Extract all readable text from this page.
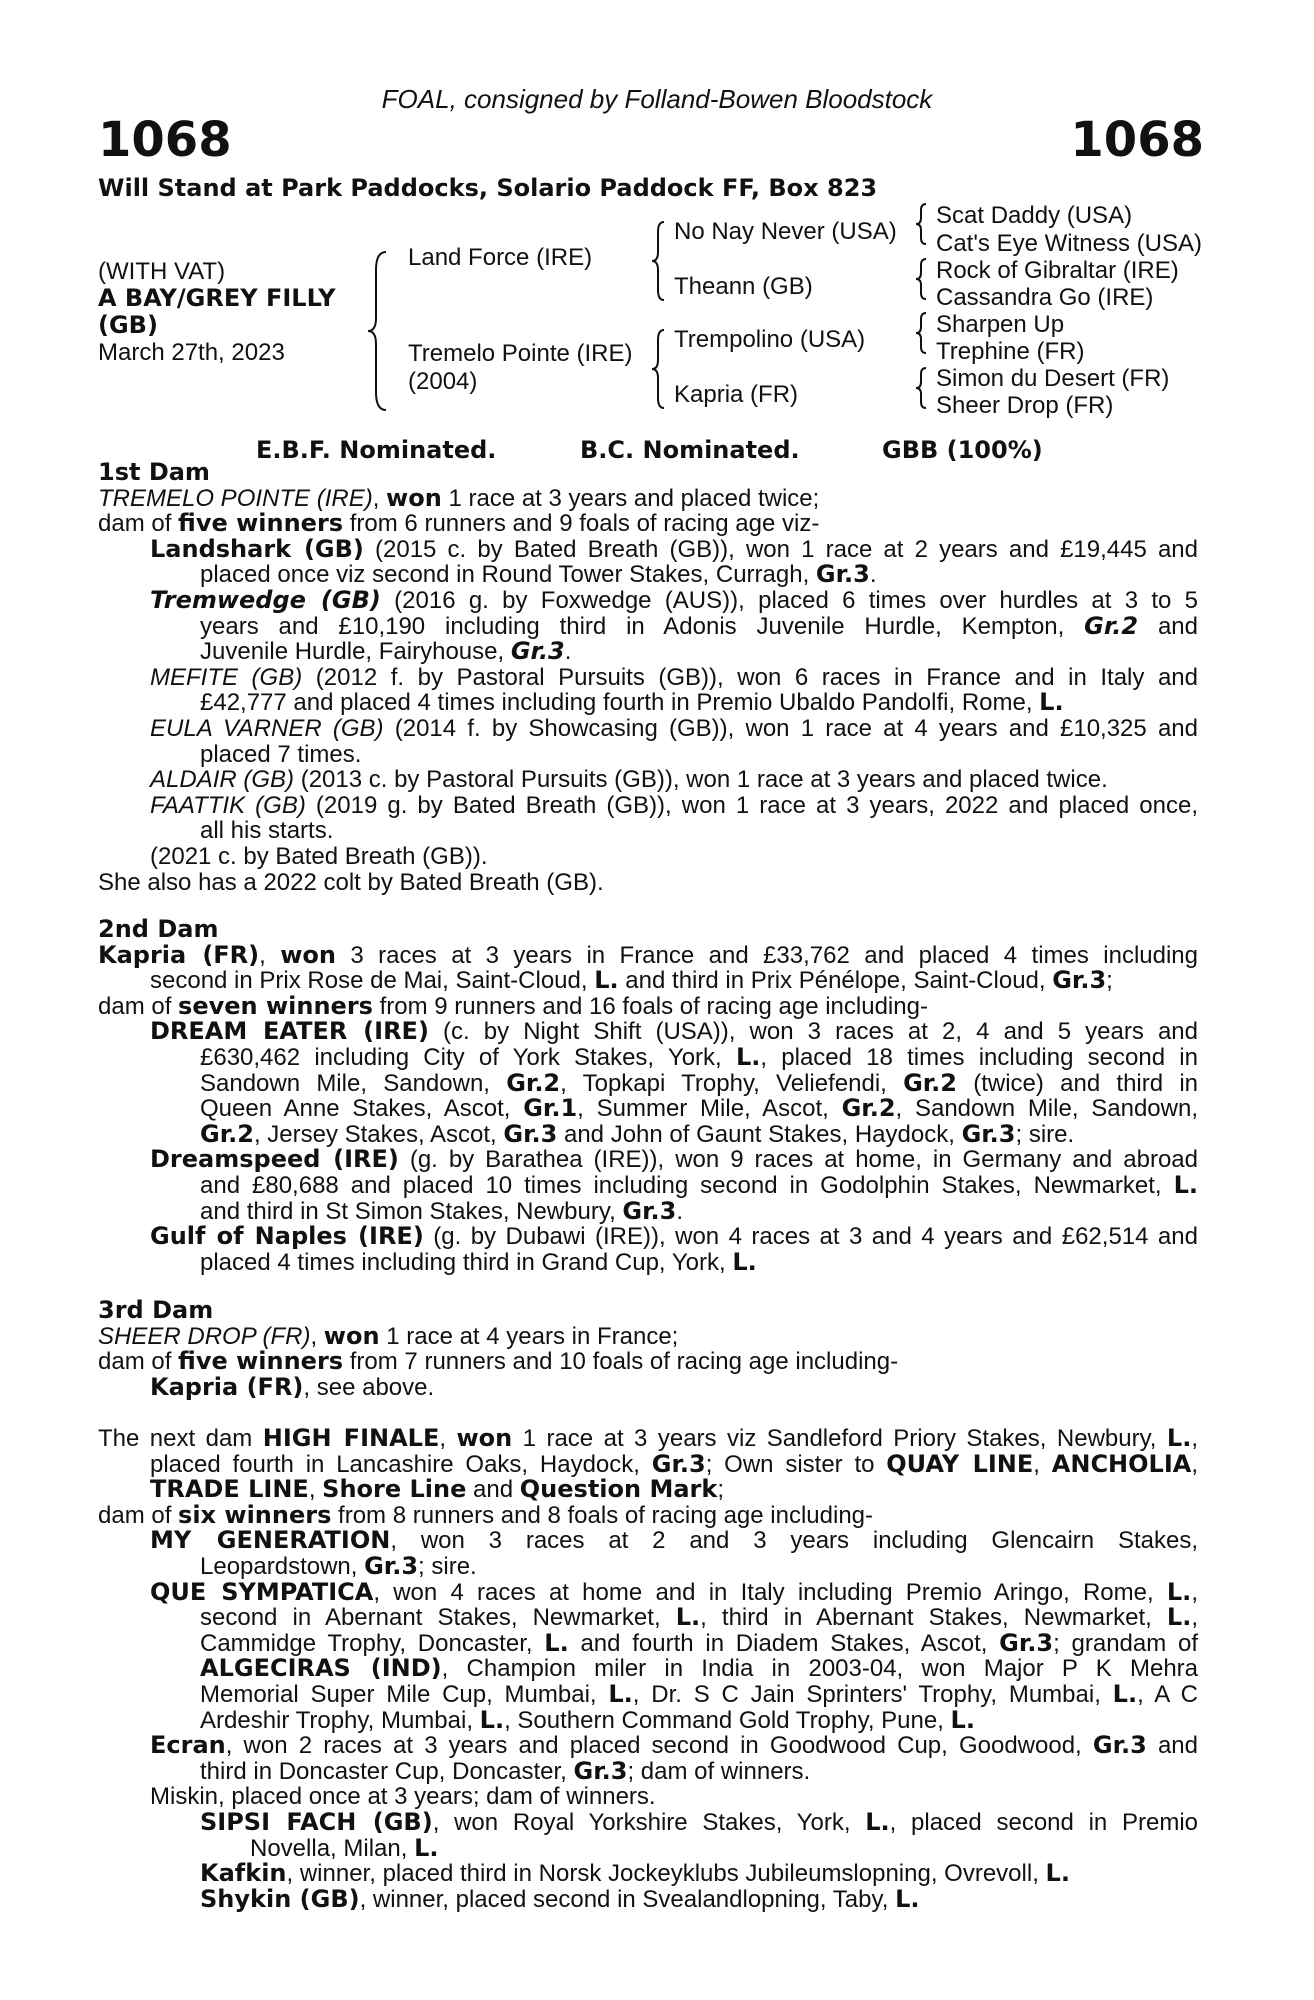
FOAL, consigned by Folland-Bowen Bloodstock
1068	1068
Will Stand at Park Paddocks, Solario Paddock FF, Box 823
(WITH VAT)
A BAY/GREY FILLY
(GB)
March 27th, 2023
Land Force (IRE)
Tremelo Pointe (IRE)
(2004)
No Nay Never (USA)
Theann (GB)
Trempolino (USA)
Kapria (FR)
Scat Daddy (USA)
Cat's Eye Witness (USA)
Rock of Gibraltar (IRE)
Cassandra Go (IRE)
Sharpen Up
Trephine (FR)
Simon du Desert (FR)
Sheer Drop (FR)
E.B.F. Nominated.	B.C. Nominated.	GBB (100%)

1st Dam

TREMELO POINTE (IRE), won 1 race at 3 years and placed twice;

dam of five winners from 6 runners and 9 foals of racing age viz-

Landshark (GB) (2015 c. by Bated Breath (GB)), won 1 race at 2 years and £19,445 and

placed once viz second in Round Tower Stakes, Curragh, Gr.3.

Tremwedge (GB) (2016 g. by Foxwedge (AUS)), placed 6 times over hurdles at 3 to 5

years and £10,190 including third in Adonis Juvenile Hurdle, Kempton, Gr.2 and

Juvenile Hurdle, Fairyhouse, Gr.3.

MEFITE (GB) (2012 f. by Pastoral Pursuits (GB)), won 6 races in France and in Italy and

£42,777 and placed 4 times including fourth in Premio Ubaldo Pandolfi, Rome, L.

EULA VARNER (GB) (2014 f. by Showcasing (GB)), won 1 race at 4 years and £10,325 and

placed 7 times.

ALDAIR (GB) (2013 c. by Pastoral Pursuits (GB)), won 1 race at 3 years and placed twice.

FAATTIK (GB) (2019 g. by Bated Breath (GB)), won 1 race at 3 years, 2022 and placed once,

all his starts.

(2021 c. by Bated Breath (GB)).

She also has a 2022 colt by Bated Breath (GB).

2nd Dam

Kapria (FR), won 3 races at 3 years in France and £33,762 and placed 4 times including

second in Prix Rose de Mai, Saint-Cloud, L. and third in Prix Pénélope, Saint-Cloud, Gr.3;

dam of seven winners from 9 runners and 16 foals of racing age including-

DREAM EATER (IRE) (c. by Night Shift (USA)), won 3 races at 2, 4 and 5 years and

£630,462 including City of York Stakes, York, L., placed 18 times including second in

Sandown Mile, Sandown, Gr.2, Topkapi Trophy, Veliefendi, Gr.2 (twice) and third in

Queen Anne Stakes, Ascot, Gr.1, Summer Mile, Ascot, Gr.2, Sandown Mile, Sandown,

Gr.2, Jersey Stakes, Ascot, Gr.3 and John of Gaunt Stakes, Haydock, Gr.3; sire.

Dreamspeed (IRE) (g. by Barathea (IRE)), won 9 races at home, in Germany and abroad

and £80,688 and placed 10 times including second in Godolphin Stakes, Newmarket, L.

and third in St Simon Stakes, Newbury, Gr.3.

Gulf of Naples (IRE) (g. by Dubawi (IRE)), won 4 races at 3 and 4 years and £62,514 and

placed 4 times including third in Grand Cup, York, L.

3rd Dam

SHEER DROP (FR), won 1 race at 4 years in France;

dam of five winners from 7 runners and 10 foals of racing age including-

Kapria (FR), see above.

The next dam HIGH FINALE, won 1 race at 3 years viz Sandleford Priory Stakes, Newbury, L.,

placed fourth in Lancashire Oaks, Haydock, Gr.3; Own sister to QUAY LINE, ANCHOLIA,

TRADE LINE, Shore Line and Question Mark;

dam of six winners from 8 runners and 8 foals of racing age including-

MY GENERATION, won 3 races at 2 and 3 years including Glencairn Stakes,

Leopardstown, Gr.3; sire.

QUE SYMPATICA, won 4 races at home and in Italy including Premio Aringo, Rome, L.,

second in Abernant Stakes, Newmarket, L., third in Abernant Stakes, Newmarket, L.,

Cammidge Trophy, Doncaster, L. and fourth in Diadem Stakes, Ascot, Gr.3; grandam of

ALGECIRAS (IND), Champion miler in India in 2003-04, won Major P K Mehra

Memorial Super Mile Cup, Mumbai, L., Dr. S C Jain Sprinters' Trophy, Mumbai, L., A C

Ardeshir Trophy, Mumbai, L., Southern Command Gold Trophy, Pune, L.

Ecran, won 2 races at 3 years and placed second in Goodwood Cup, Goodwood, Gr.3 and

third in Doncaster Cup, Doncaster, Gr.3; dam of winners.

Miskin, placed once at 3 years; dam of winners.

SIPSI FACH (GB), won Royal Yorkshire Stakes, York, L., placed second in Premio

Novella, Milan, L.

Kafkin, winner, placed third in Norsk Jockeyklubs Jubileumslopning, Ovrevoll, L.

Shykin (GB), winner, placed second in Svealandlopning, Taby, L.
